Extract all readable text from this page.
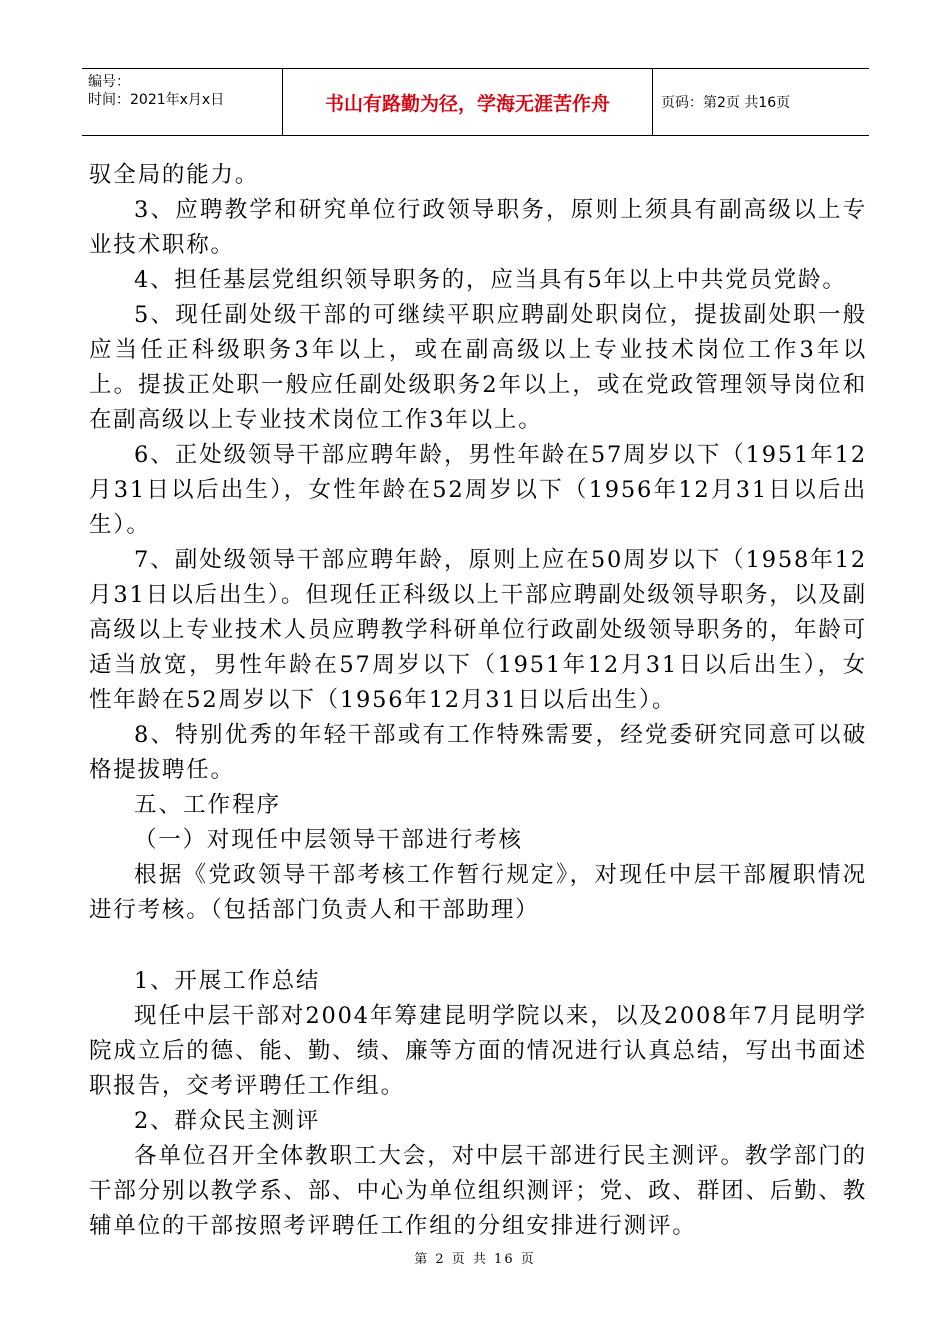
编号：
时间：2021年x月x日	书山有路勤为径，学海无涯苦作舟	页码：第2页 共16页

驭全局的能力。

3、应聘教学和研究单位行政领导职务，原则上须具有副高级以上专业技术职称。

4、担任基层党组织领导职务的，应当具有5年以上中共党员党龄。

5、现任副处级干部的可继续平职应聘副处职岗位，提拔副处职一般应当任正科级职务3年以上，或在副高级以上专业技术岗位工作3年以上。提拔正处职一般应任副处级职务2年以上，或在党政管理领导岗位和在副高级以上专业技术岗位工作3年以上。

6、正处级领导干部应聘年龄，男性年龄在57周岁以下（1951年12月31日以后出生），女性年龄在52周岁以下（1956年12月31日以后出生）。

7、副处级领导干部应聘年龄，原则上应在50周岁以下（1958年12月31日以后出生）。但现任正科级以上干部应聘副处级领导职务，以及副高级以上专业技术人员应聘教学科研单位行政副处级领导职务的，年龄可适当放宽，男性年龄在57周岁以下（1951年12月31日以后出生），女性年龄在52周岁以下（1956年12月31日以后出生）。

8、特别优秀的年轻干部或有工作特殊需要，经党委研究同意可以破格提拔聘任。

五、工作程序

（一）对现任中层领导干部进行考核

根据《党政领导干部考核工作暂行规定》，对现任中层干部履职情况进行考核。（包括部门负责人和干部助理）

1、开展工作总结

现任中层干部对2004年筹建昆明学院以来，以及2008年7月昆明学院成立后的德、能、勤、绩、廉等方面的情况进行认真总结，写出书面述职报告，交考评聘任工作组。

2、群众民主测评

各单位召开全体教职工大会，对中层干部进行民主测评。教学部门的干部分别以教学系、部、中心为单位组织测评；党、政、群团、后勤、教辅单位的干部按照考评聘任工作组的分组安排进行测评。

第 2 页 共 16 页
